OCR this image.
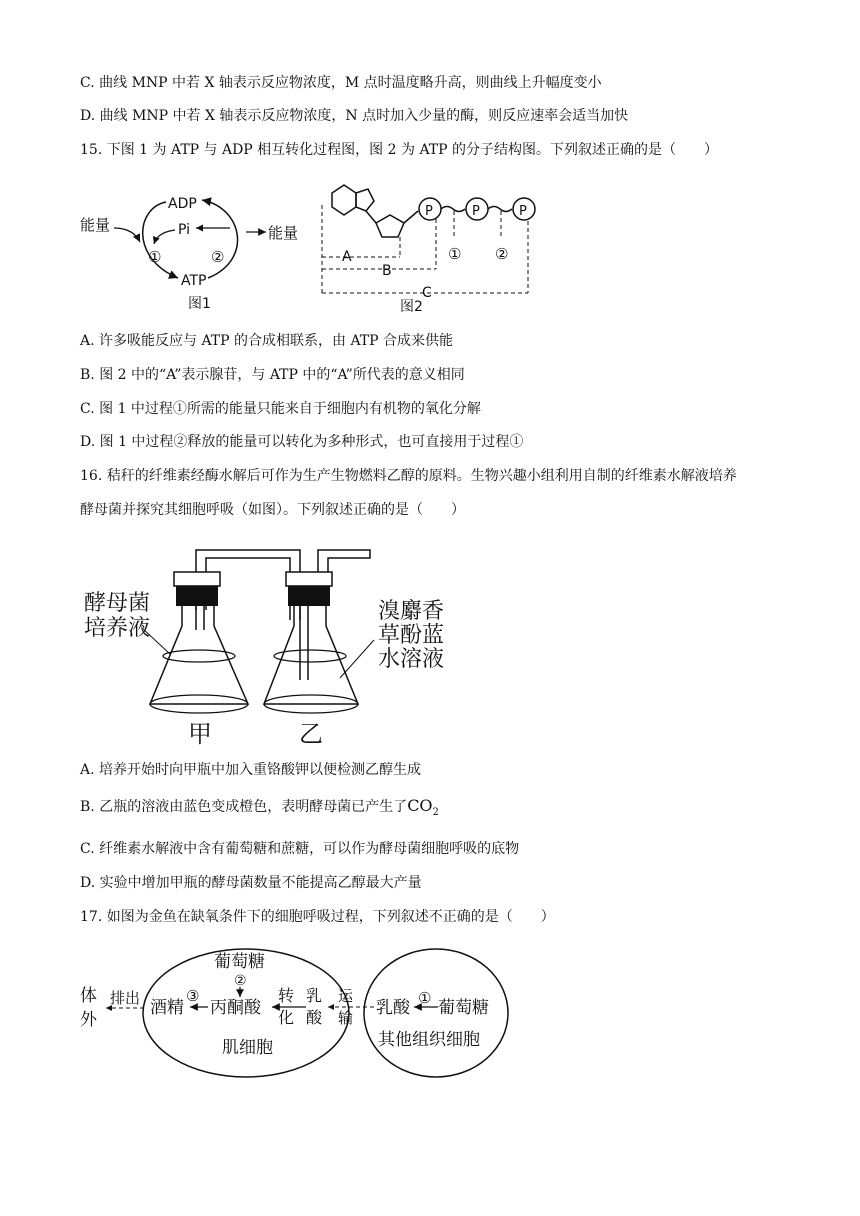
C. 曲线 MNP 中若 X 轴表示反应物浓度，M 点时温度略升高，则曲线上升幅度变小
D. 曲线 MNP 中若 X 轴表示反应物浓度，N 点时加入少量的酶，则反应速率会适当加快
15. 下图 1 为 ATP 与 ADP 相互转化过程图，图 2 为 ATP 的分子结构图。下列叙述正确的是（　　）
能量
ADP
Pi
ATP
能量
①	②
图1
P	P	P
A
B
① ②
C
图2
A. 许多吸能反应与 ATP 的合成相联系，由 ATP 合成来供能
B. 图 2 中的“A”表示腺苷，与 ATP 中的“A”所代表的意义相同
C. 图 1 中过程①所需的能量只能来自于细胞内有机物的氧化分解
D. 图 1 中过程②释放的能量可以转化为多种形式，也可直接用于过程①
16. 秸秆的纤维素经酶水解后可作为生产生物燃料乙醇的原料。生物兴趣小组利用自制的纤维素水解液培养
酵母菌并探究其细胞呼吸（如图）。下列叙述正确的是（　　）
酵母菌
培养液
溴麝香
草酚蓝
水溶液
甲	乙
A. 培养开始时向甲瓶中加入重铬酸钾以便检测乙醇生成
B. 乙瓶的溶液由蓝色变成橙色，表明酵母菌已产生了$CO_2$
C. 纤维素水解液中含有葡萄糖和蔗糖，可以作为酵母菌细胞呼吸的底物
D. 实验中增加甲瓶的酵母菌数量不能提高乙醇最大产量
17. 如图为金鱼在缺氧条件下的细胞呼吸过程，下列叙述不正确的是（　　）
体
外
排出 酒精
③
葡萄糖
②
丙酮酸
转
化
乳
酸
运
输 乳酸 ① 葡萄糖
肌细胞	其他组织细胞
